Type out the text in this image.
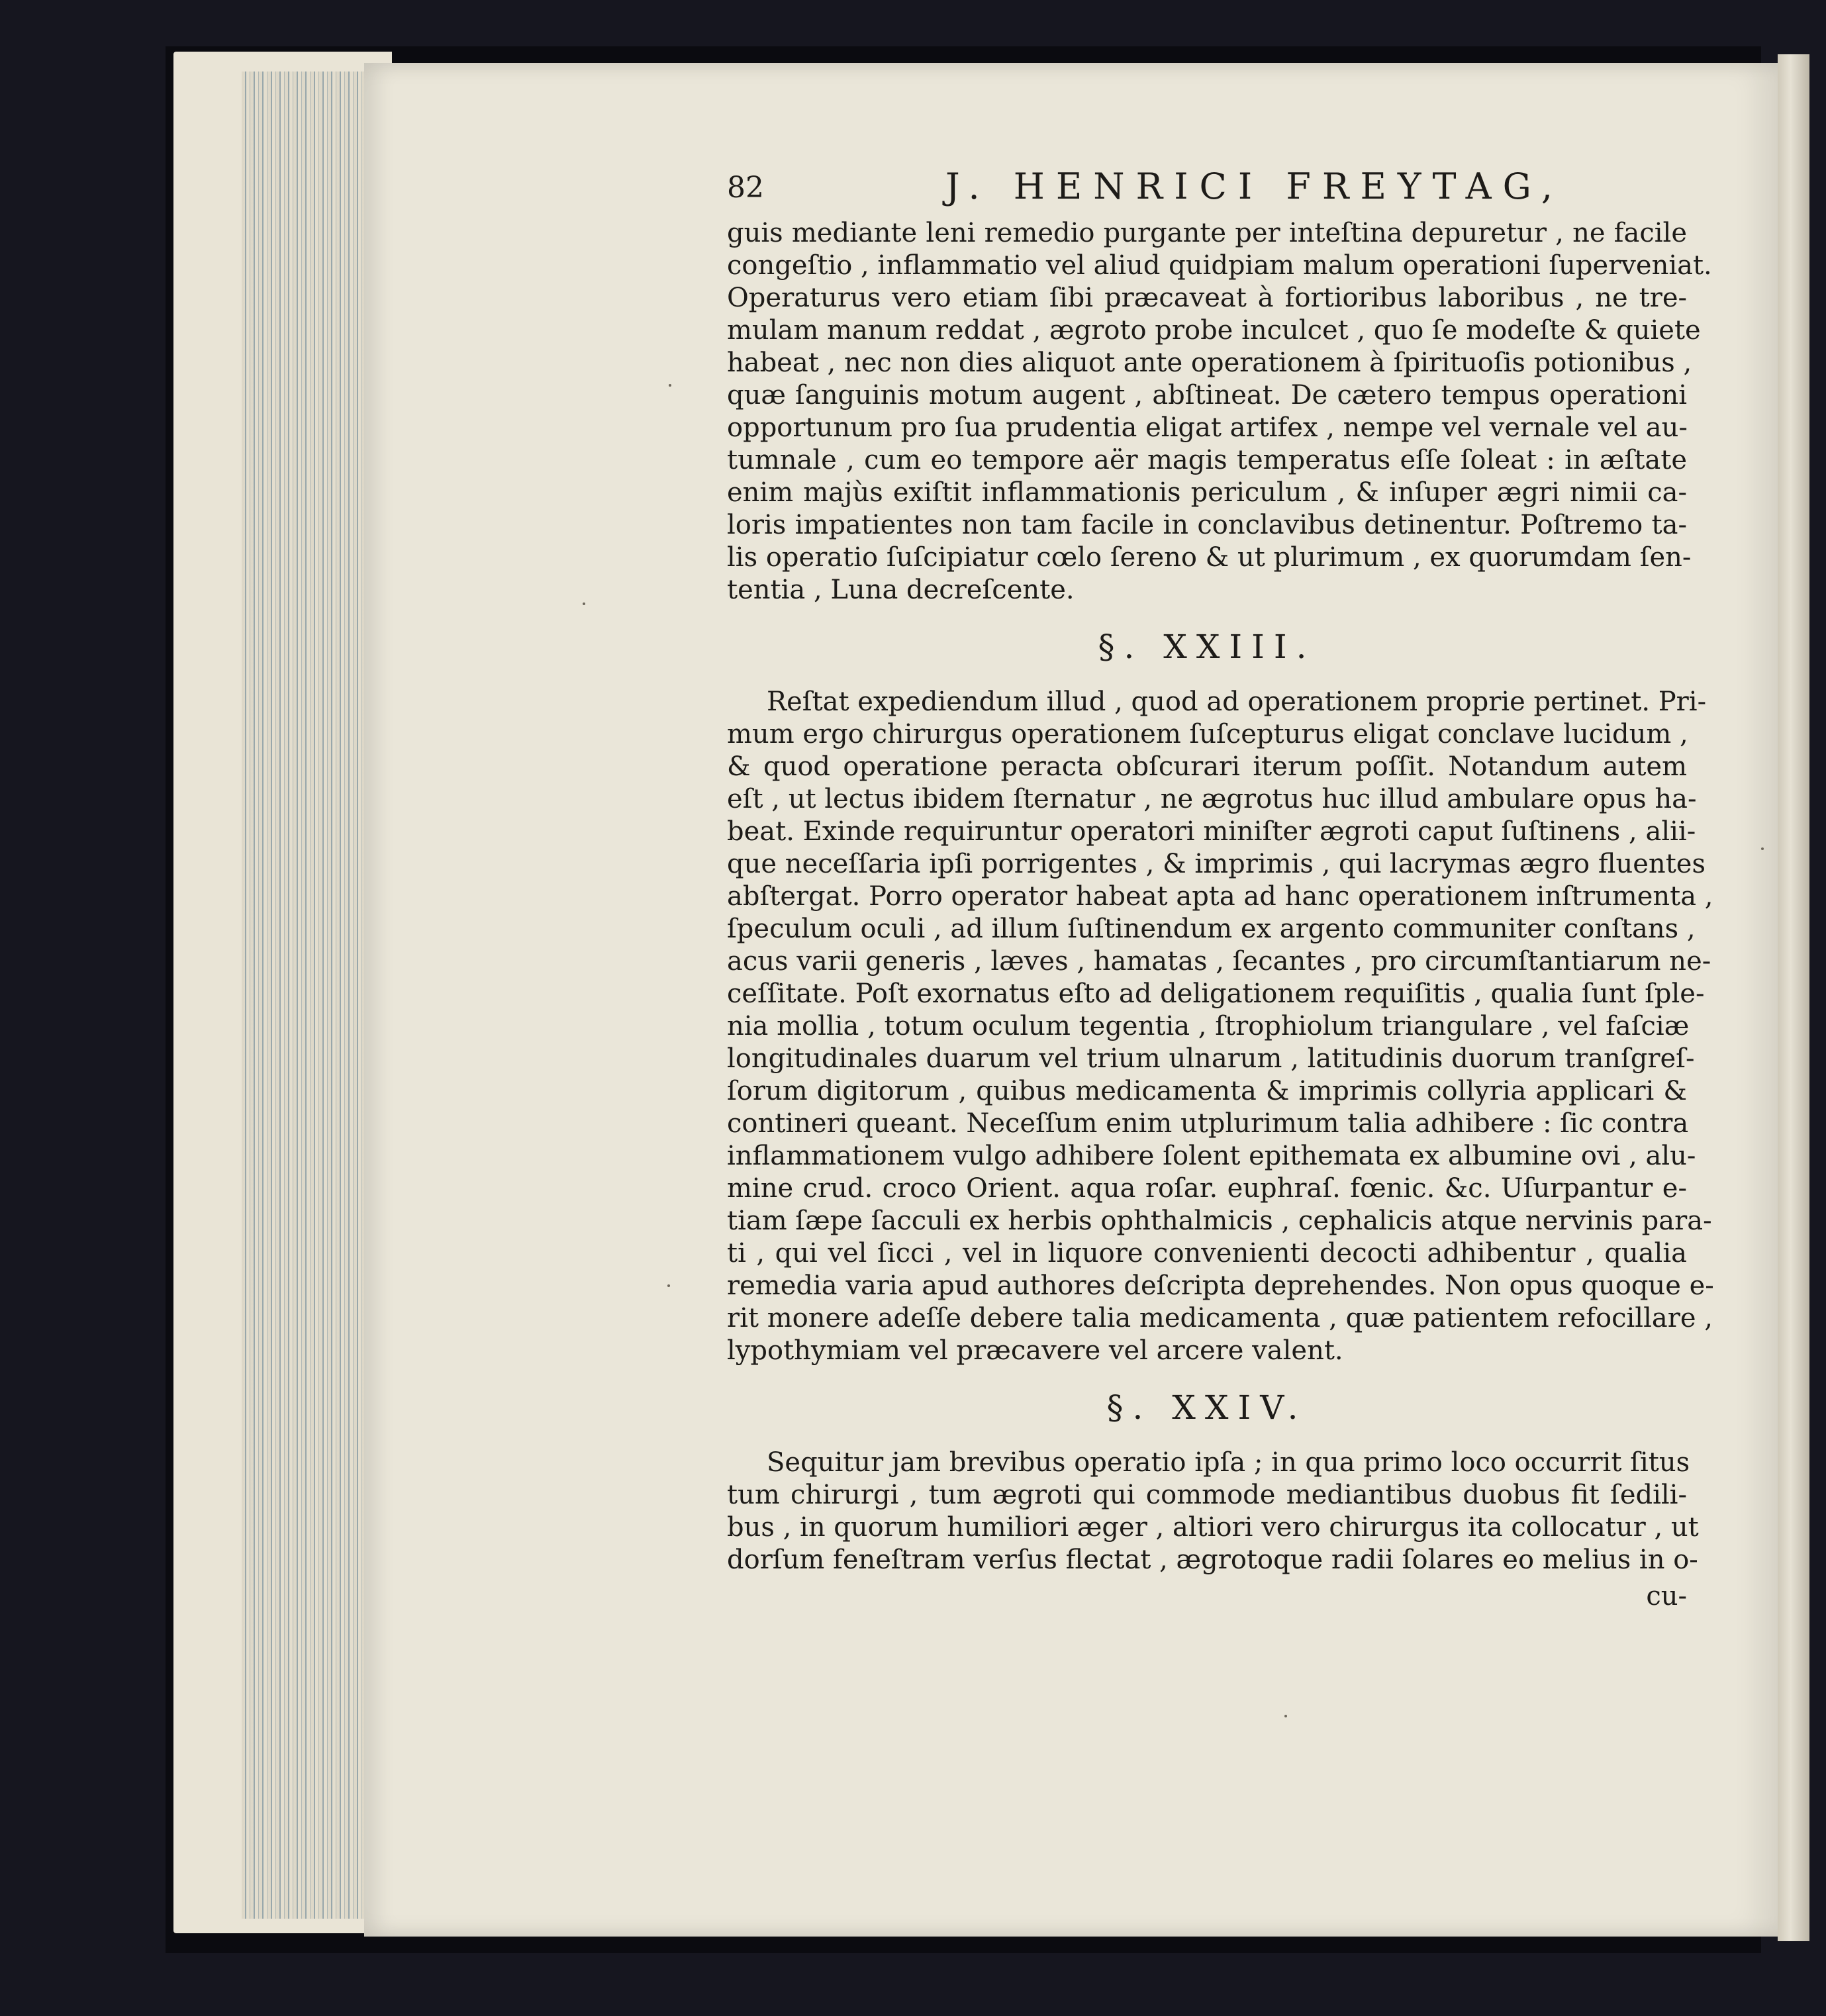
82	J. HENRICI FREYTAG,
guis mediante leni remedio purgante per inteſtina depuretur , ne facile
congeſtio , inflammatio vel aliud quidpiam malum operationi ſuperveniat.
Operaturus vero etiam ſibi præcaveat à fortioribus laboribus , ne tre-
mulam manum reddat , ægroto probe inculcet , quo ſe modeſte & quiete
habeat , nec non dies aliquot ante operationem à ſpirituoſis potionibus ,
quæ ſanguinis motum augent , abſtineat. De cætero tempus operationi
opportunum pro ſua prudentia eligat artifex , nempe vel vernale vel au-
tumnale , cum eo tempore aër magis temperatus eſſe ſoleat : in æſtate
enim majùs exiſtit inflammationis periculum , & inſuper ægri nimii ca-
loris impatientes non tam facile in conclavibus detinentur. Poſtremo ta-
lis operatio ſuſcipiatur cœlo ſereno & ut plurimum , ex quorumdam ſen-
tentia , Luna decreſcente.
§. XXIII.
Reſtat expediendum illud , quod ad operationem proprie pertinet. Pri-
mum ergo chirurgus operationem ſuſcepturus eligat conclave lucidum ,
& quod operatione peracta obſcurari iterum poſſit. Notandum autem
eſt , ut lectus ibidem ſternatur , ne ægrotus huc illud ambulare opus ha-
beat. Exinde requiruntur operatori miniſter ægroti caput ſuſtinens , alii-
que neceſſaria ipſi porrigentes , & imprimis , qui lacrymas ægro fluentes
abſtergat. Porro operator habeat apta ad hanc operationem inſtrumenta ,
ſpeculum oculi , ad illum ſuſtinendum ex argento communiter conſtans ,
acus varii generis , læves , hamatas , ſecantes , pro circumſtantiarum ne-
ceſſitate. Poſt exornatus eſto ad deligationem requiſitis , qualia ſunt ſple-
nia mollia , totum oculum tegentia , ſtrophiolum triangulare , vel faſciæ
longitudinales duarum vel trium ulnarum , latitudinis duorum tranſgreſ-
ſorum digitorum , quibus medicamenta & imprimis collyria applicari &
contineri queant. Neceſſum enim utplurimum talia adhibere : ſic contra
inflammationem vulgo adhibere ſolent epithemata ex albumine ovi , alu-
mine crud. croco Orient. aqua roſar. euphraſ. fœnic. &c. Uſurpantur e-
tiam ſæpe ſacculi ex herbis ophthalmicis , cephalicis atque nervinis para-
ti , qui vel ſicci , vel in liquore convenienti decocti adhibentur , qualia
remedia varia apud authores deſcripta deprehendes. Non opus quoque e-
rit monere adeſſe debere talia medicamenta , quæ patientem refocillare ,
lypothymiam vel præcavere vel arcere valent.
§. XXIV.
Sequitur jam brevibus operatio ipſa ; in qua primo loco occurrit ſitus
tum chirurgi , tum ægroti qui commode mediantibus duobus fit ſedili-
bus , in quorum humiliori æger , altiori vero chirurgus ita collocatur , ut
dorſum feneſtram verſus flectat , ægrotoque radii ſolares eo melius in o-
cu-
